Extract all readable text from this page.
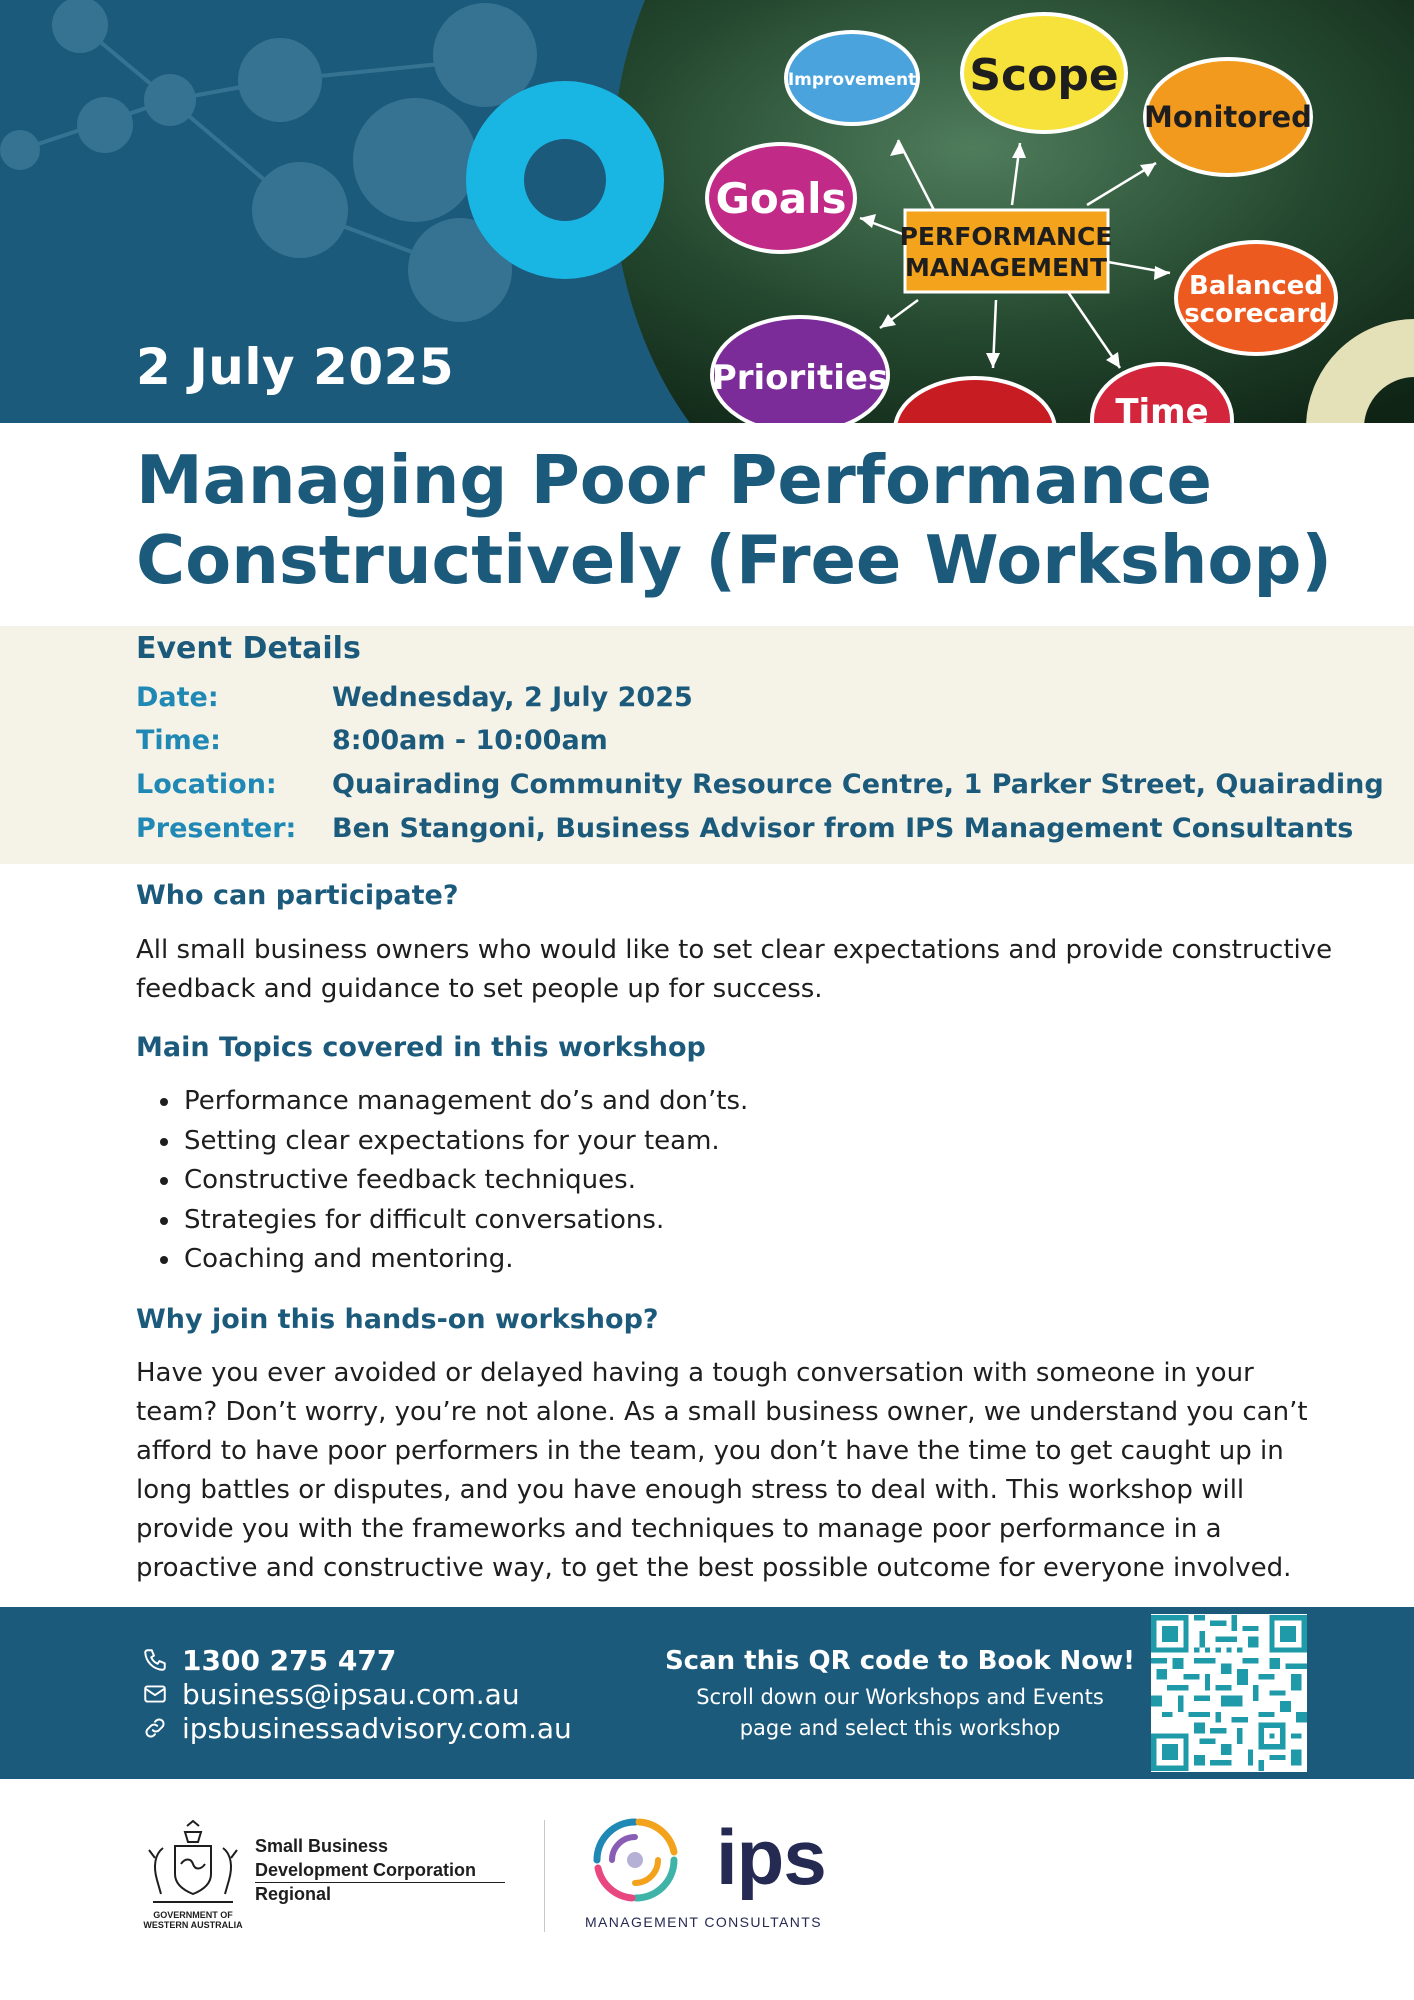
Improvement Scope
Monitored
Goals
Balanced
scorecard
Priorities
Time
PERFORMANCE
MANAGEMENT
2 July 2025
Managing Poor Performance
Constructively (Free Workshop)
Event Details
Date:	Wednesday, 2 July 2025
Time:	8:00am - 10:00am
Location: Quairading Community Resource Centre, 1 Parker Street, Quairading
Presenter: Ben Stangoni, Business Advisor from IPS Management Consultants
Who can participate?

All small business owners who would like to set clear expectations and provide constructive feedback and guidance to set people up for success.

Main Topics covered in this workshop
Performance management do’s and don’ts.
Setting clear expectations for your team.
Constructive feedback techniques.
Strategies for difficult conversations.
Coaching and mentoring.
Why join this hands-on workshop?

Have you ever avoided or delayed having a tough conversation with someone in your team? Don’t worry, you’re not alone. As a small business owner, we understand you can’t afford to have poor performers in the team, you don’t have the time to get caught up in long battles or disputes, and you have enough stress to deal with. This workshop will provide you with the frameworks and techniques to manage poor performance in a proactive and constructive way, to get the best possible outcome for everyone involved.

1300 275 477
business@ipsau.com.au
ipsbusinessadvisory.com.au
Scan this QR code to Book Now!
Scroll down our Workshops and Events
page and select this workshop
Small Business
Development Corporation
Regional
GOVERNMENT OF
WESTERN AUSTRALIA
ips
MANAGEMENT CONSULTANTS
